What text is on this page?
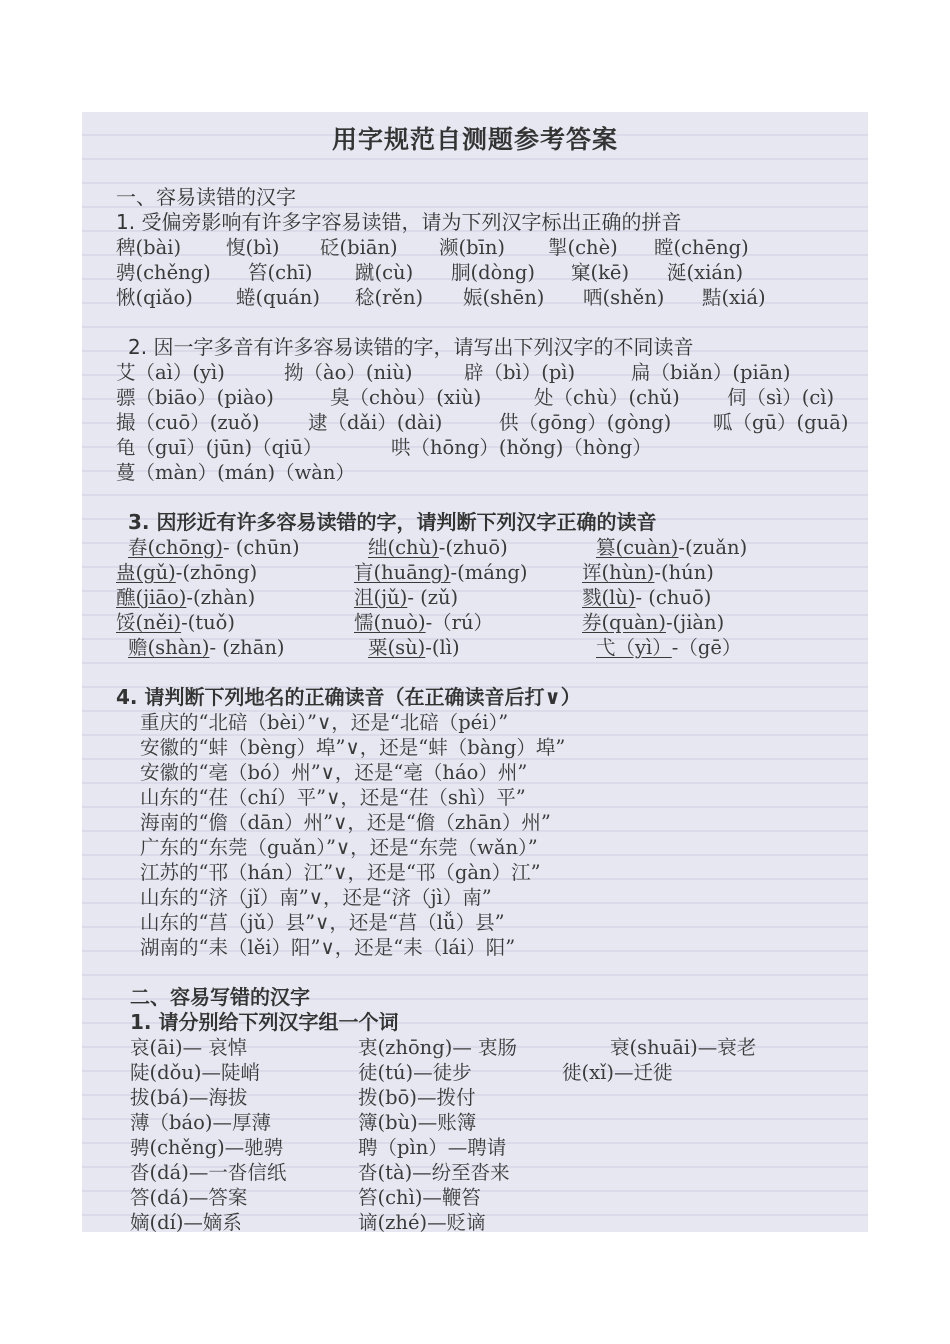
用字规范自测题参考答案
一、容易读错的汉字
1. 受偏旁影响有许多字容易读错，请为下列汉字标出正确的拼音
稗(bài) 愎(bì) 砭(biān) 濒(bīn) 掣(chè) 瞠(chēng)
骋(chěng) 笞(chī) 蹴(cù) 胴(dòng) 窠(kē) 涎(xián)
愀(qiǎo) 蜷(quán) 稔(rěn) 娠(shēn) 哂(shěn) 黠(xiá)
2. 因一字多音有许多容易读错的字，请写出下列汉字的不同读音
艾（aì）(yì)	拗（ào）(niù)	辟（bì）(pì)	扁（biǎn）(piān)
骠（biāo）(piào)	臭（chòu）(xiù)	处（chù）(chǔ) 伺（sì）(cì)
撮（cuō）(zuǒ) 逮（dǎi）(dài)	供（gōng）(gòng) 呱（gū）(guā)
龟（guī）(jūn)（qiū）	哄（hōng）(hǒng)（hòng）
蔓（màn）(mán)（wàn）
3. 因形近有许多容易读错的字，请判断下列汉字正确的读音
舂(chōng)- (chūn)	绌(chù)-(zhuō)	篡(cuàn)-(zuǎn)
蛊(gǔ)-(zhōng)	肓(huāng)-(máng)	诨(hùn)-(hún)
醮(jiāo)-(zhàn)	沮(jǔ)- (zǔ)	戮(lù)- (chuō)
馁(něi)-(tuǒ)	懦(nuò)-（rú）	券(quàn)-(jiàn)
赡(shàn)- (zhān)	粟(sù)-(lì)	弋（yì）-（gē）
4. 请判断下列地名的正确读音（在正确读音后打∨）
重庆的“北碚（bèi）”∨，还是“北碚（péi）”
安徽的“蚌（bèng）埠”∨，还是“蚌（bàng）埠”
安徽的“亳（bó）州”∨，还是“亳（háo）州”
山东的“茌（chí）平”∨，还是“茌（shì）平”
海南的“儋（dān）州”∨，还是“儋（zhān）州”
广东的“东莞（guǎn）”∨，还是“东莞（wǎn）”
江苏的“邗（hán）江”∨，还是“邗（gàn）江”
山东的“济（jǐ）南”∨，还是“济（jì）南”
山东的“莒（jǔ）县”∨，还是“莒（lǚ）县”
湖南的“耒（lěi）阳”∨，还是“耒（lái）阳”
二、容易写错的汉字
1. 请分别给下列汉字组一个词
哀(āi)— 哀悼	衷(zhōng)— 衷肠	衰(shuāi)—衰老
陡(dǒu)—陡峭	徒(tú)—徒步	徙(xǐ)—迁徙
拔(bá)—海拔	拨(bō)—拨付
薄（báo)—厚薄	簿(bù)—账簿
骋(chěng)—驰骋	聘（pìn）—聘请
沓(dá)—一沓信纸	沓(tà)—纷至沓来
答(dá)—答案	笞(chì)—鞭笞
嫡(dí)—嫡系	谪(zhé)—贬谪
